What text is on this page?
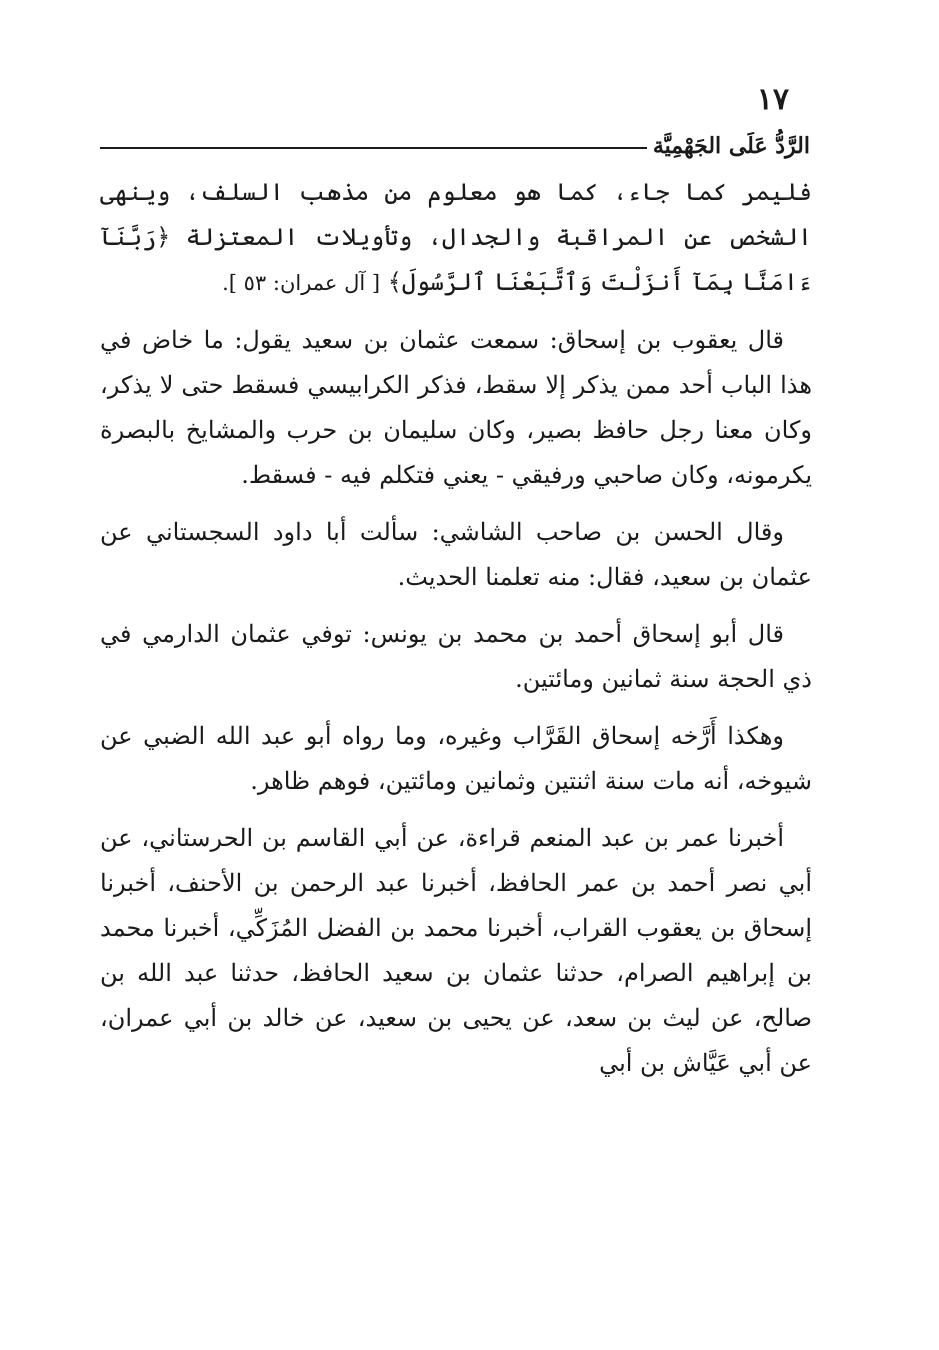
١٧
الرَّدُّ عَلَى الجَهْمِيَّة

فليمر كما جاء، كما هو معلوم من مذهب السلف، وينهى الشخص عن المراقبة والجدال، وتأويلات المعتزلة ﴿رَبَّنَآ ءَامَنَّا بِمَآ أَنزَلْتَ وَٱتَّبَعْنَا ٱلرَّسُولَ﴾ [ آل عمران: ٥٣ ].

قال يعقوب بن إسحاق: سمعت عثمان بن سعيد يقول: ما خاض في هذا الباب أحد ممن يذكر إلا سقط، فذكر الكرابيسي فسقط حتى لا يذكر، وكان معنا رجل حافظ بصير، وكان سليمان بن حرب والمشايخ بالبصرة يكرمونه، وكان صاحبي ورفيقي - يعني فتكلم فيه - فسقط.

وقال الحسن بن صاحب الشاشي: سألت أبا داود السجستاني عن عثمان بن سعيد، فقال: منه تعلمنا الحديث.

قال أبو إسحاق أحمد بن محمد بن يونس: توفي عثمان الدارمي في ذي الحجة سنة ثمانين ومائتين.

وهكذا أَرَّخه إسحاق القَرَّاب وغيره، وما رواه أبو عبد الله الضبي عن شيوخه، أنه مات سنة اثنتين وثمانين ومائتين، فوهم ظاهر.

أخبرنا عمر بن عبد المنعم قراءة، عن أبي القاسم بن الحرستاني، عن أبي نصر أحمد بن عمر الحافظ، أخبرنا عبد الرحمن بن الأحنف، أخبرنا إسحاق بن يعقوب القراب، أخبرنا محمد بن الفضل المُزَكِّي، أخبرنا محمد بن إبراهيم الصرام، حدثنا عثمان بن سعيد الحافظ، حدثنا عبد الله بن صالح، عن ليث بن سعد، عن يحيى بن سعيد، عن خالد بن أبي عمران، عن أبي عَيَّاش بن أبي
